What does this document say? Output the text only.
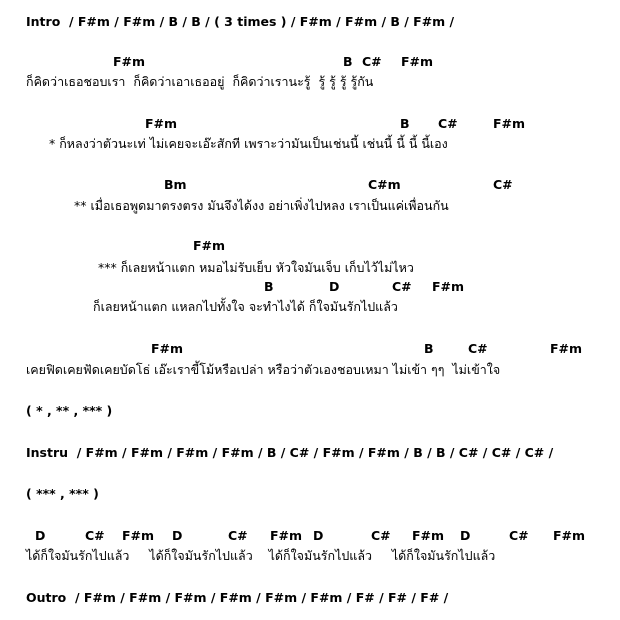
Intro  / F#m / F#m / B / B / ( 3 times ) / F#m / F#m / B / F#m /
F#m	B C# F#m
ก็คิดว่าเธอชอบเรา  ก็คิดว่าเอาเธออยู่  ก็คิดว่าเรานะรู้  รู้ รู้ รู้ รู้กัน
F#m	B C#	F#m
* ก็หลงว่าตัวนะเท่ ไม่เคยจะเอ๊ะสักที เพราะว่ามันเป็นเช่นนี้ เช่นนี้ นี้ นี้ นี้เอง
Bm	C#m	C#
** เมื่อเธอพูดมาตรงตรง มันจึงได้งง อย่าเพิ่งไปหลง เราเป็นแค่เพื่อนกัน
F#m
*** ก็เลยหน้าแตก หมอไม่รับเย็บ หัวใจมันเจ็บ เก็บไว้ไม่ไหว
B	D	C# F#m
ก็เลยหน้าแตก แหลกไปทั้งใจ จะทำไงได้ ก็ใจมันรักไปแล้ว
F#m	B	C#	F#m
เคยฟิดเคยฟัดเคยบัดโธ่ เอ๊ะเราขี้โม้หรือเปล่า หรือว่าตัวเองชอบเหมา ไม่เข้า ๆๆ  ไม่เข้าใจ
( * , ** , *** )
Instru  / F#m / F#m / F#m / F#m / B / C# / F#m / F#m / B / B / C# / C# / C# /
( *** , *** )
D	C# F#m D	C# F#m D	C# F#m D	C# F#m
ได้ก็ใจมันรักไปแล้ว     ได้ก็ใจมันรักไปแล้ว    ได้ก็ใจมันรักไปแล้ว     ได้ก็ใจมันรักไปแล้ว
Outro  / F#m / F#m / F#m / F#m / F#m / F#m / F# / F# / F# /
